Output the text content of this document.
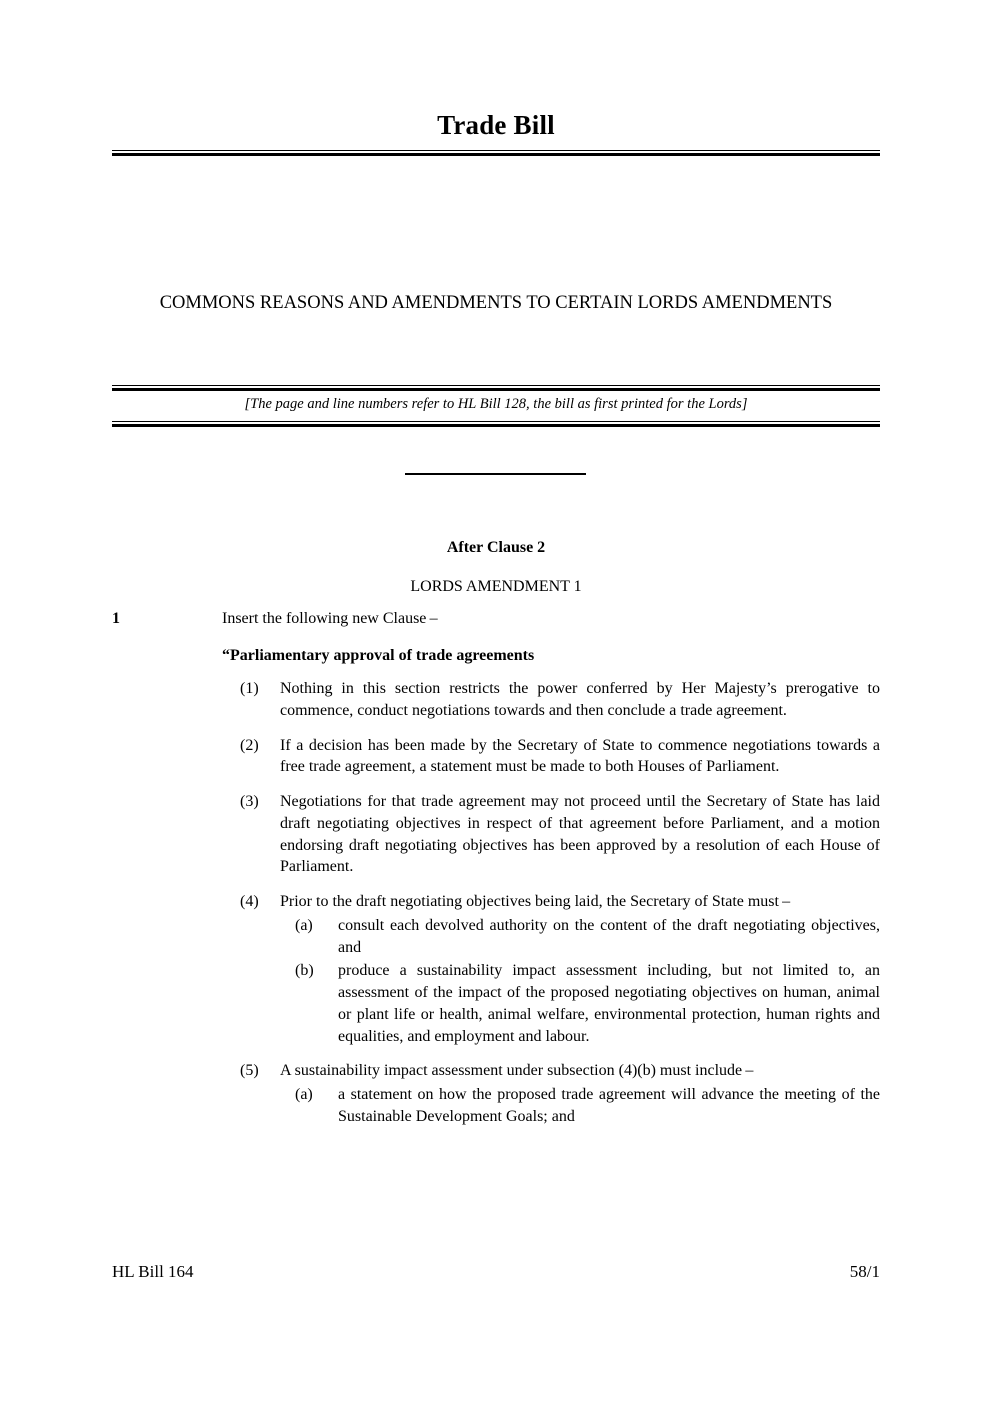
Trade Bill
COMMONS REASONS AND AMENDMENTS TO CERTAIN LORDS AMENDMENTS
[The page and line numbers refer to HL Bill 128, the bill as first printed for the Lords]
After Clause 2
LORDS AMENDMENT 1
1	Insert the following new Clause –
“Parliamentary approval of trade agreements
(1)	Nothing in this section restricts the power conferred by Her Majesty’s prerogative to commence, conduct negotiations towards and then conclude a trade agreement.
(2)	If a decision has been made by the Secretary of State to commence negotiations towards a free trade agreement, a statement must be made to both Houses of Parliament.
(3)	Negotiations for that trade agreement may not proceed until the Secretary of State has laid draft negotiating objectives in respect of that agreement before Parliament, and a motion endorsing draft negotiating objectives has been approved by a resolution of each House of Parliament.
(4)	Prior to the draft negotiating objectives being laid, the Secretary of State must –
(a)	consult each devolved authority on the content of the draft negotiating objectives, and
(b)	produce a sustainability impact assessment including, but not limited to, an assessment of the impact of the proposed negotiating objectives on human, animal or plant life or health, animal welfare, environmental protection, human rights and equalities, and employment and labour.
(5)	A sustainability impact assessment under subsection (4)(b) must include –
(a)	a statement on how the proposed trade agreement will advance the meeting of the Sustainable Development Goals; and
HL Bill 164	58/1
